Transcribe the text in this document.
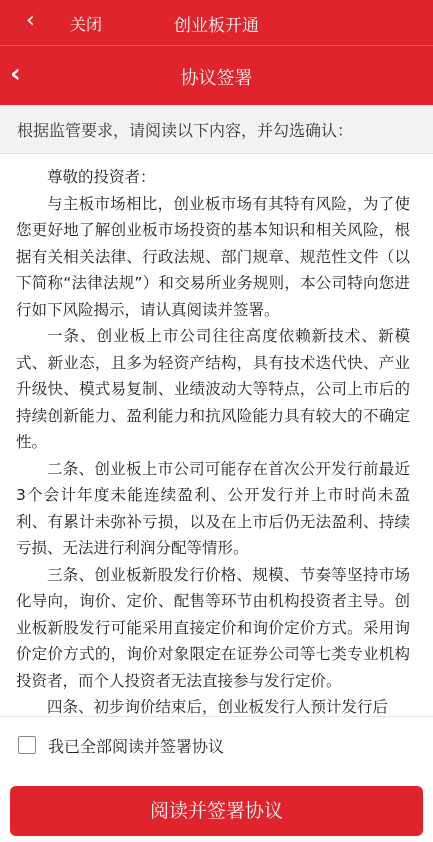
‹ 关闭	创业板开通
‹	协议签署
根据监管要求，请阅读以下内容，并勾选确认：

尊敬的投资者：

与主板市场相比，创业板市场有其特有风险，为了使您更好地了解创业板市场投资的基本知识和相关风险，根据有关相关法律、行政法规、部门规章、规范性文件（以下简称“法律法规”）和交易所业务规则，本公司特向您进行如下风险揭示，请认真阅读并签署。

一条、创业板上市公司往往高度依赖新技术、新模式、新业态，且多为轻资产结构，具有技术迭代快、产业升级快、模式易复制、业绩波动大等特点，公司上市后的持续创新能力、盈利能力和抗风险能力具有较大的不确定性。

二条、创业板上市公司可能存在首次公开发行前最近3个会计年度未能连续盈利、公开发行并上市时尚未盈利、有累计未弥补亏损，以及在上市后仍无法盈利、持续亏损、无法进行利润分配等情形。

三条、创业板新股发行价格、规模、节奏等坚持市场化导向，询价、定价、配售等环节由机构投资者主导。创业板新股发行可能采用直接定价和询价定价方式。采用询价定价方式的，询价对象限定在证券公司等七类专业机构投资者，而个人投资者无法直接参与发行定价。

四条、初步询价结束后，创业板发行人预计发行后

我已全部阅读并签署协议
阅读并签署协议
